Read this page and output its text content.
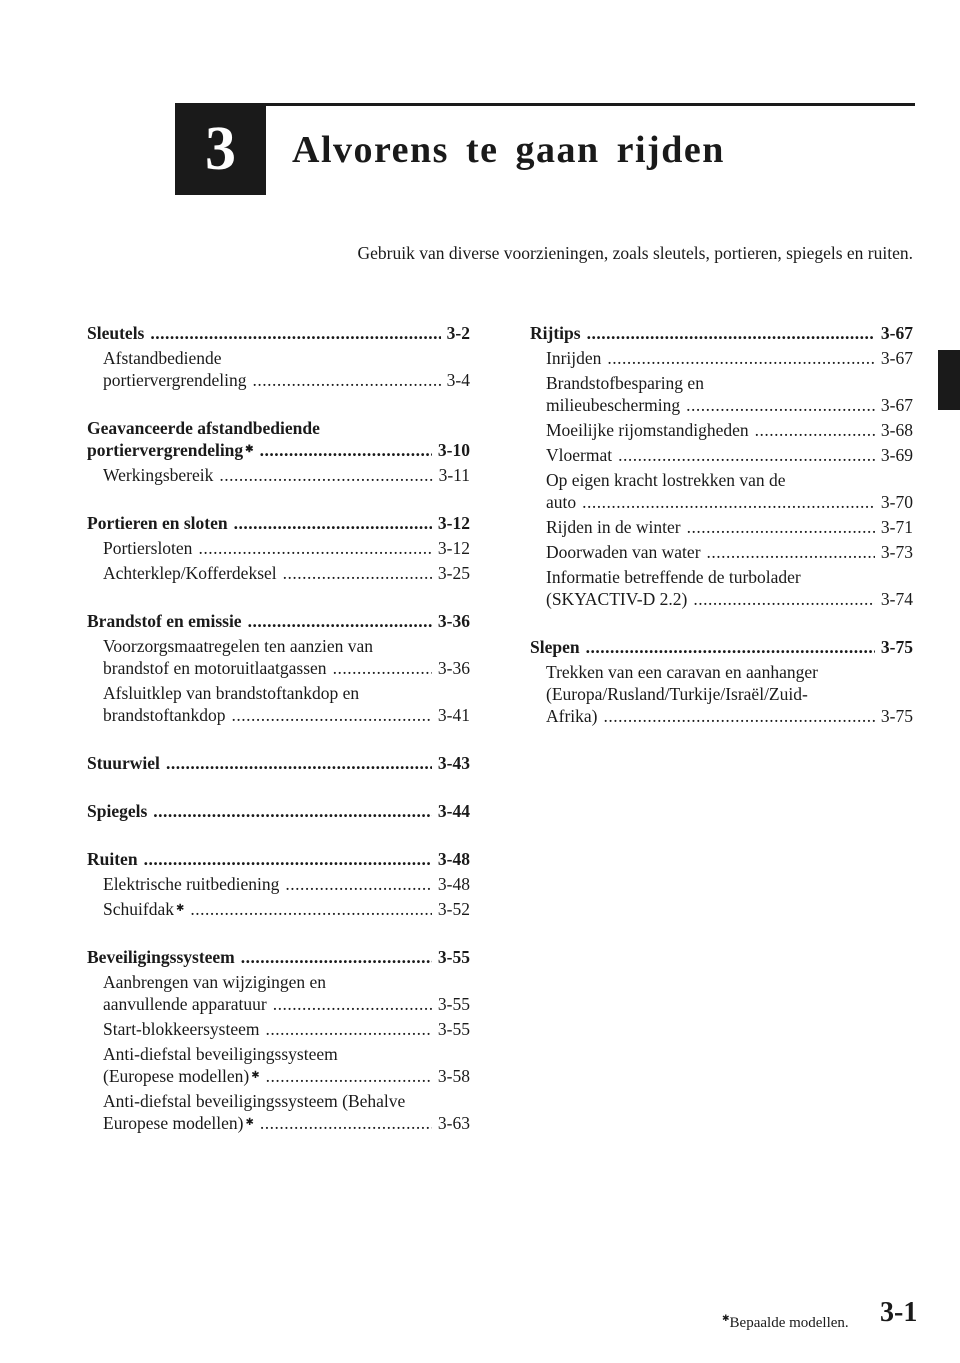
3 Alvorens te gaan rijden
Gebruik van diverse voorzieningen, zoals sleutels, portieren, spiegels en ruiten.
Sleutels .....	3-2
Afstandbediende
portiervergrendeling .....	3-4
Geavanceerde afstandbediende
portiervergrendeling ✱ .....	3-10
Werkingsbereik .....	3-11
Portieren en sloten .....	3-12
Portiersloten .....	3-12
Achterklep/Kofferdeksel .....	3-25
Brandstof en emissie .....	3-36
Voorzorgsmaatregelen ten aanzien van
brandstof en motoruitlaatgassen .....	3-36
Afsluitklep van brandstoftankdop en
brandstoftankdop .....	3-41
Stuurwiel .....	3-43
Spiegels .....	3-44
Ruiten .....	3-48
Elektrische ruitbediening .....	3-48
Schuifdak ✱ .....	3-52
Beveiligingssysteem .....	3-55
Aanbrengen van wijzigingen en
aanvullende apparatuur .....	3-55
Start-blokkeersysteem .....	3-55
Anti-diefstal beveiligingssysteem
(Europese modellen) ✱ .....	3-58
Anti-diefstal beveiligingssysteem (Behalve
Europese modellen) ✱ .....	3-63
Rijtips .....	3-67
Inrijden .....	3-67
Brandstofbesparing en
milieubescherming .....	3-67
Moeilijke rijomstandigheden .....	3-68
Vloermat .....	3-69
Op eigen kracht lostrekken van de
auto .....	3-70
Rijden in de winter .....	3-71
Doorwaden van water .....	3-73
Informatie betreffende de turbolader
(SKYACTIV-D 2.2) .....	3-74
Slepen .....	3-75
Trekken van een caravan en aanhanger
(Europa/Rusland/Turkije/Israël/Zuid-
Afrika) .....	3-75
3-1
✱Bepaalde modellen.
